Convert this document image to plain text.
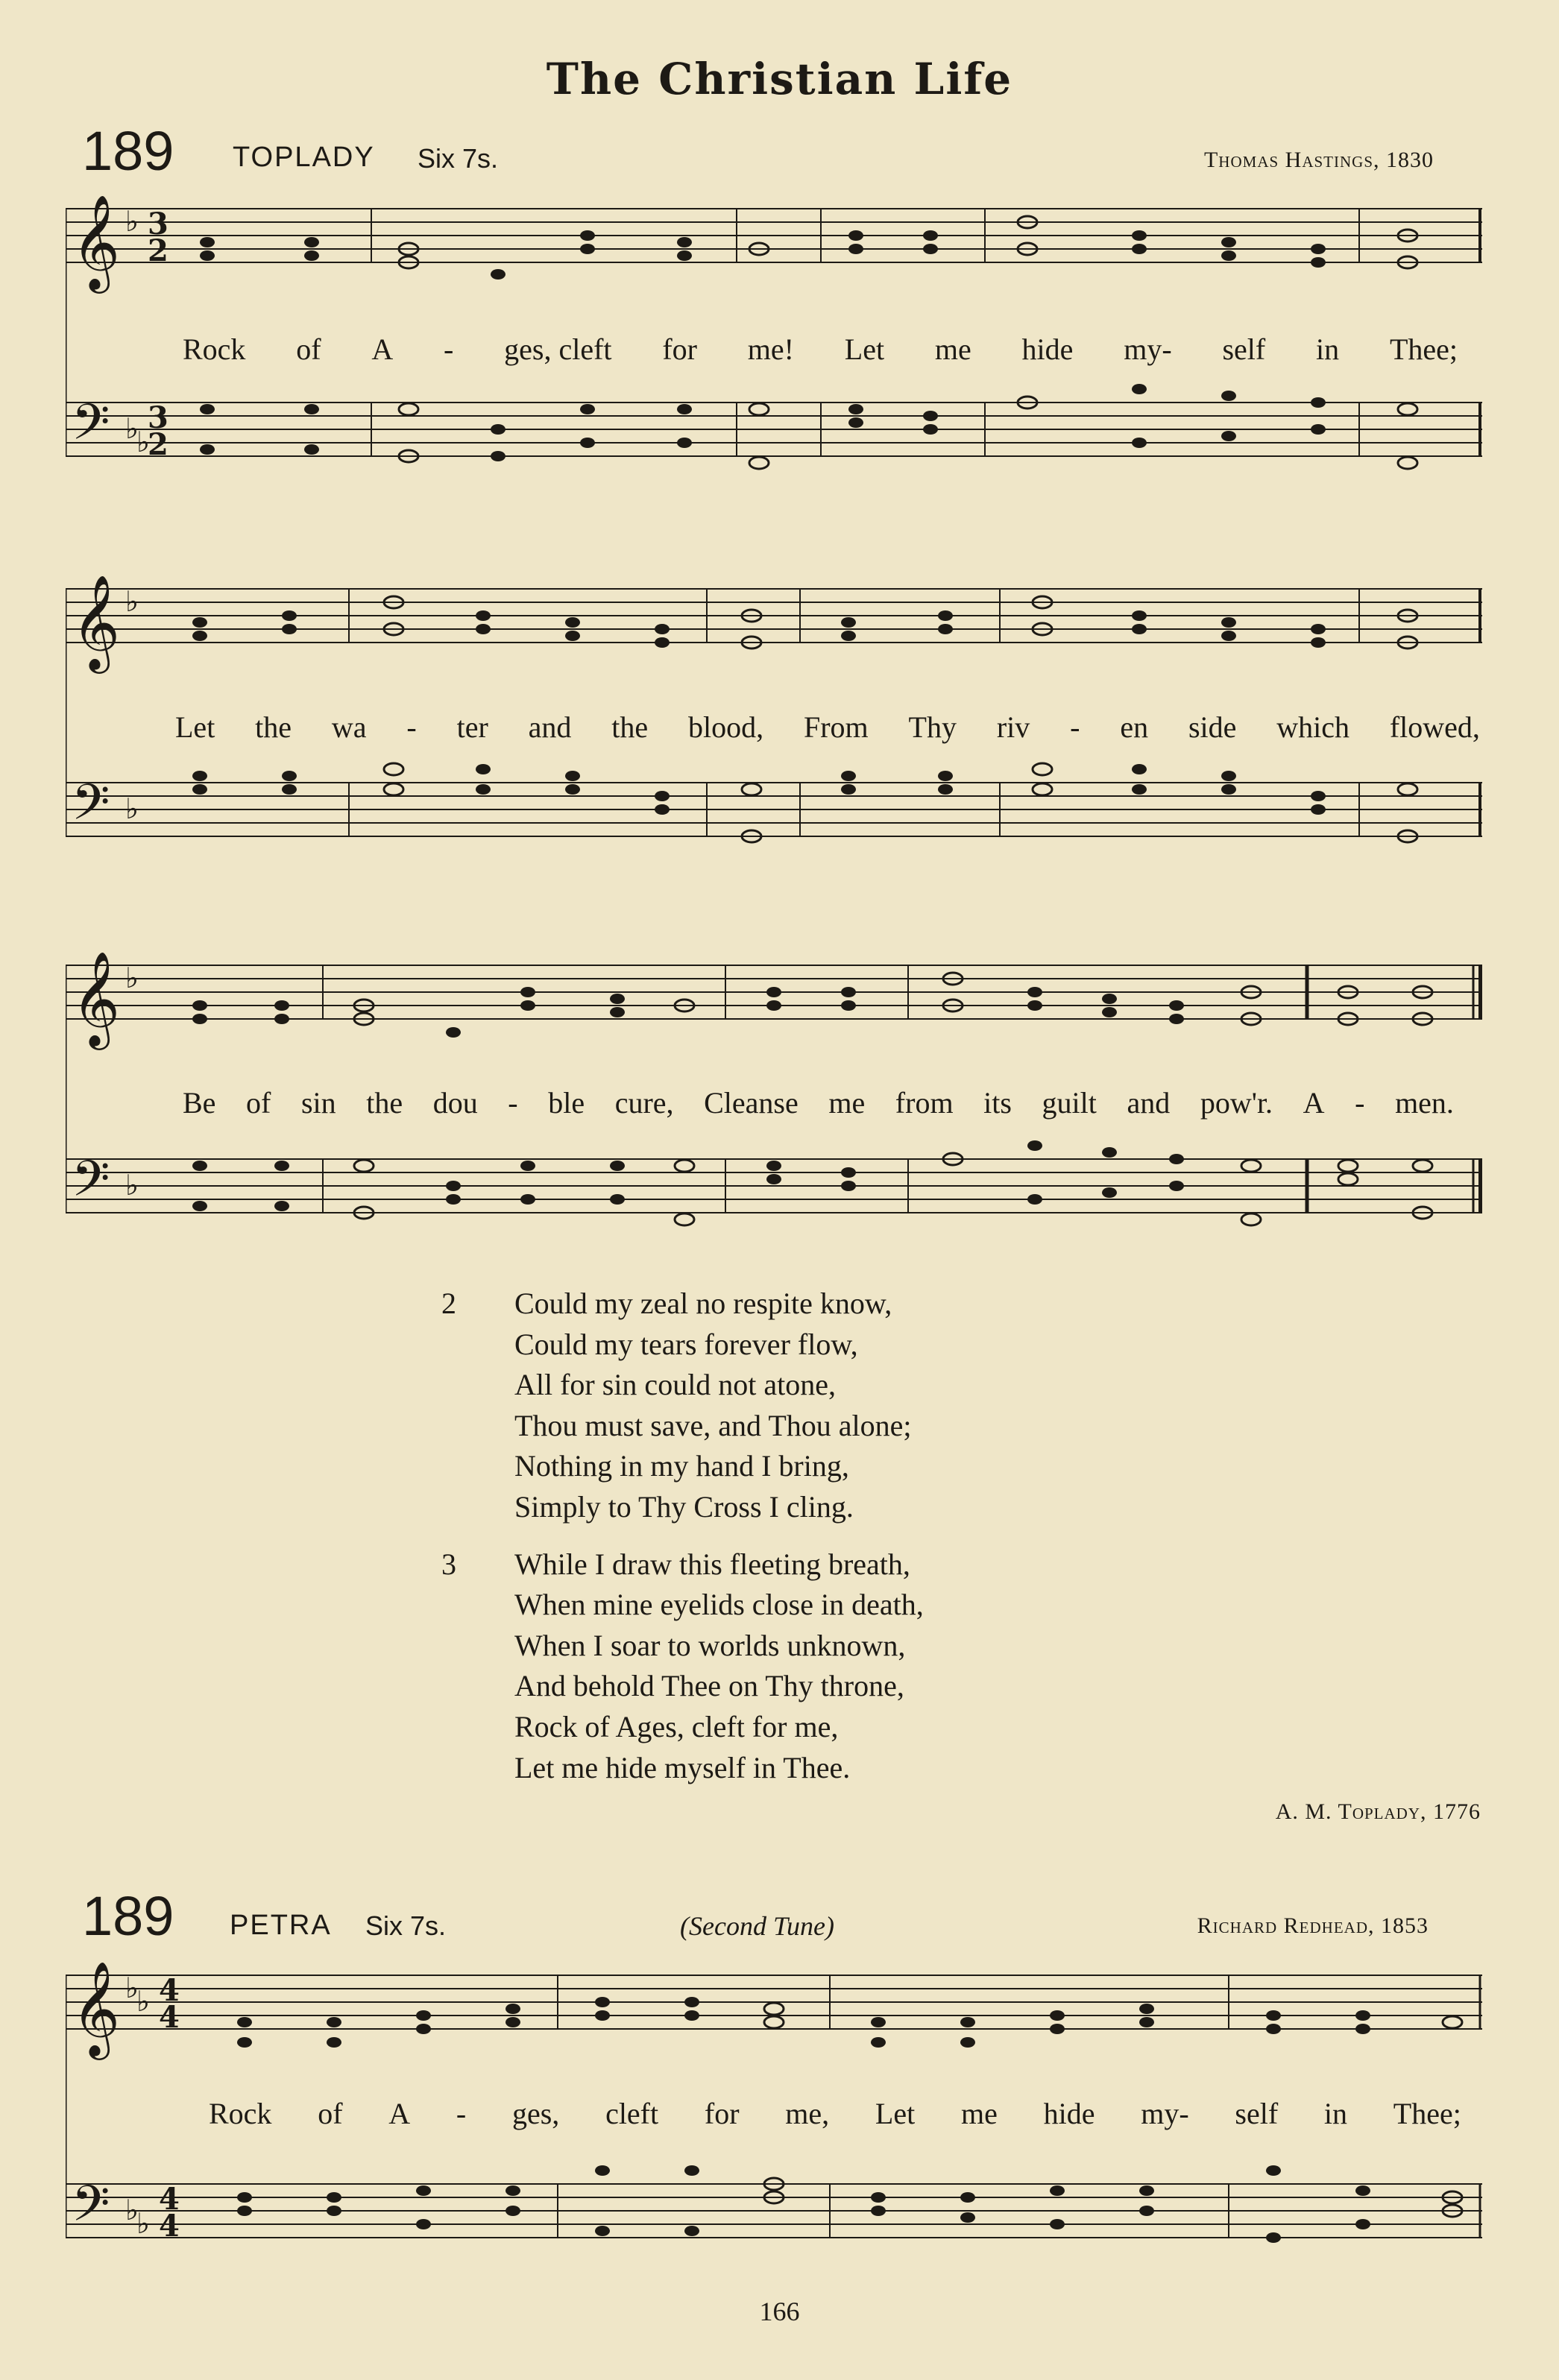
The Christian Life
189 TOPLADY Six 7s.	Thomas Hastings, 1830
𝄞
𝄢
3
2
3
2
♭
♭
♭
Rock of A - ges, cleft for me! Let me hide my- self in Thee;
𝄞
𝄢
♭
♭
Let the wa - ter and the blood, From Thy riv - en side which flowed,
𝄞
𝄢
♭
♭
Be of sin the dou - ble cure, Cleanse me from its guilt and pow'r. A - men.
2	Could my zeal no respite know,
Could my tears forever flow,
All for sin could not atone,
Thou must save, and Thou alone;
Nothing in my hand I bring,
Simply to Thy Cross I cling.
3	While I draw this fleeting breath,
When mine eyelids close in death,
When I soar to worlds unknown,
And behold Thee on Thy throne,
Rock of Ages, cleft for me,
Let me hide myself in Thee.
A. M. Toplady, 1776
189 PETRA Six 7s.	(Second Tune)	Richard Redhead, 1853
𝄞
𝄢
♭
♭
♭
♭
4
4
4
4
Rock of A - ges, cleft for me, Let me hide my- self in Thee;
166
